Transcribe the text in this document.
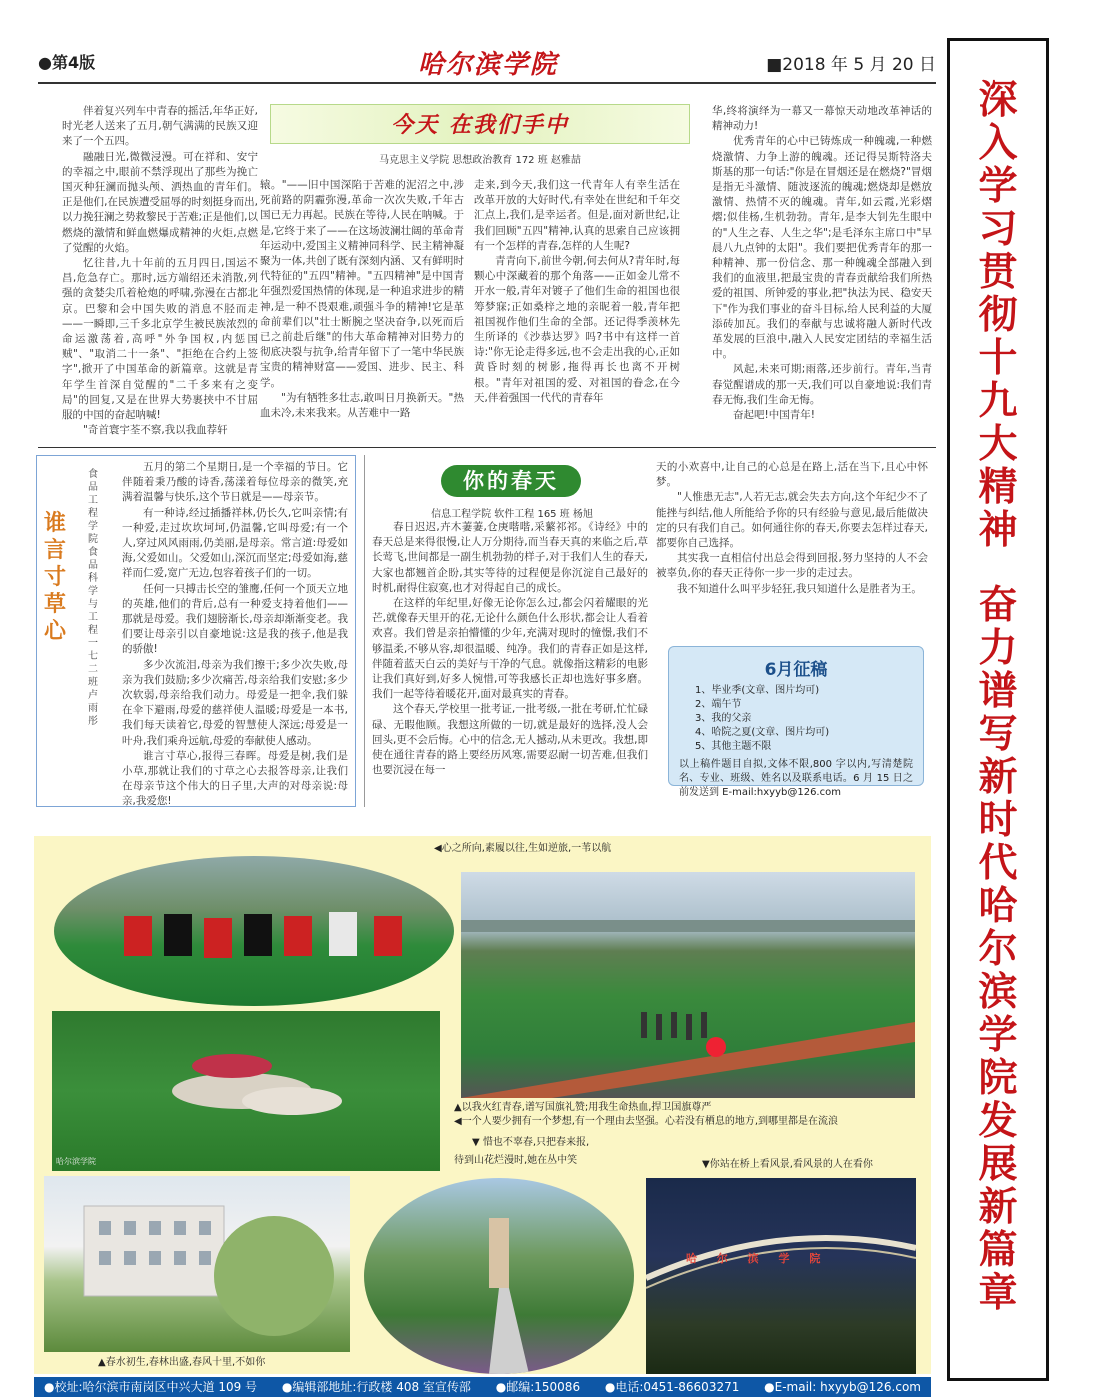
●第4版	哈尔滨学院	■2018 年 5 月 20 日
深
入
学
习
贯
彻
十
九
大
精
神
奋
力
谱
写
新
时
代
哈
尔
滨
学
院
发
展
新
篇
章
今天 在我们手中
马克思主义学院 思想政治教育 172 班 赵雅喆

伴着复兴列车中青春的摇活,年华正好,时光老人送来了五月,朝气满满的民族又迎来了一个五四。

融融日光,微微浸漫。可在祥和、安宁的幸福之中,眼前不禁浮现出了那些为挽亡国灭种狂澜而抛头颅、洒热血的青年们。正是他们,在民族遭受屈辱的时刻挺身而出,以力挽狂澜之势救黎民于苦难;正是他们,以燃烧的激情和鲜血燃爆成精神的火炬,点燃了觉醒的火焰。

忆往昔,九十年前的五月四日,国运不昌,危急存亡。那时,远方端绍还未消散,列强的贪婪尖爪着枪炮的呼啸,弥漫在古都北京。巴黎和会中国失败的消息不胫而走——一瞬即,三千多北京学生被民族浓烈的命运激荡着,高呼"外争国权,内惩国贼"、"取消二十一条"、"拒绝在合约上签字",掀开了中国革命的新篇章。这就是青年学生首深自觉醒的"二千多来有之变局"的回复,又是在世界大势裹挟中不甘屈服的中国的奋起呐喊!

"奇首寰宇荃不察,我以我血荐轩

辕。"——旧中国深陷于苦难的泥沼之中,涉死前路的阴霾弥漫,革命一次次失败,千年古国已无力再起。民族在等待,人民在呐喊。于是,它终于来了——在这场波澜壮阔的革命青年运动中,爱国主义精神同科学、民主精神凝聚为一体,共创了既有深刻内涵、又有鲜明时代特征的"五四"精神。"五四精神"是中国青年强烈爱国热情的体现,是一种追求进步的精神,是一种不畏艰难,顽强斗争的精神!它是革命前辈们以"壮士断腕之坚决奋争,以死而后已之前赴后继"的伟大革命精神对旧势力的彻底决裂与抗争,给青年留下了一笔中华民族宝贵的精神财富——爱国、进步、民主、科学。

"为有牺牲多壮志,敢叫日月换新天。"热血未冷,未来我来。从苦难中一路

走来,到今天,我们这一代青年人有幸生活在改革开放的大好时代,有幸处在世纪和千年交汇点上,我们,是幸运者。但是,面对新世纪,让我们回顾"五四"精神,认真的思索自己应该拥有一个怎样的青春,怎样的人生呢?

青青向下,前世今朝,何去何从?青年时,每颗心中深藏着的那个角落——正如金儿常不开水一般,青年对镀子了他们生命的祖国也很筹梦寐;正如桑梓之地的亲昵着一般,青年把祖国视作他们生命的全部。还记得季羡林先生所译的《沙恭达罗》吗?书中有这样一首诗:"你无论走得多远,也不会走出我的心,正如黄昏时刻的树影,拖得再长也离不开树根。"青年对祖国的爱、对祖国的眷念,在今天,伴着强国一代代的青春年

华,终将演绎为一幕又一幕惊天动地改革神话的精神动力!

优秀青年的心中已铸炼成一种魄魂,一种燃烧激情、力争上游的魄魂。还记得吴斯特洛夫斯基的那一句话:"你是在冒烟还是在燃烧?"冒烟是指无斗激情、随波逐流的魄魂;燃烧却是燃放激情、热情不灭的魄魂。青年,如云霞,光彩熠熠;似佳杨,生机勃勃。青年,是李大钊先生眼中的"人生之春、人生之华";是毛泽东主席口中"早晨八九点钟的太阳"。我们要把优秀青年的那一种精神、那一份信念、那一种魄魂全部融入到我们的血液里,把最宝贵的青春贡献给我们所热爱的祖国、所钟爱的事业,把"执法为民、稳安天下"作为我们事业的奋斗目标,给人民利益的大厦添砖加瓦。我们的奉献与忠诚将融人新时代改革发展的巨浪中,融入人民安定团结的幸福生活中。

风起,未来可期;雨落,还步前行。青年,当青春觉醒谱成的那一天,我们可以自豪地说:我们青春无悔,我们生命无悔。

奋起吧!中国青年!

谁言寸草心
食品工程学院 食品科学与工程一七二班 卢雨彤

五月的第二个星期日,是一个幸福的节日。它伴随着秉乃酸的诗香,荡漾着每位母亲的微笑,充满着温馨与快乐,这个节日就是——母亲节。

有一种诗,经过插播祥林,仍长久,它叫亲情;有一种爱,走过坎坎坷坷,仍温馨,它叫母爱;有一个人,穿过风风雨雨,仍美丽,是母亲。常言道:母爱如海,父爱如山。父爱如山,深沉而坚定;母爱如海,慈祥而仁爱,宽广无边,包容着孩子们的一切。

任何一只搏击长空的雏鹰,任何一个顶天立地的英雄,他们的背后,总有一种爱支持着他们——那就是母爱。我们翅膀渐长,母亲却渐渐变老。我们要让母亲引以自豪地说:这是我的孩子,他是我的骄傲!

多少次流泪,母亲为我们擦干;多少次失败,母亲为我们鼓励;多少次痛苦,母亲给我们安慰;多少次软弱,母亲给我们动力。母爱是一把伞,我们躲在伞下避雨,母爱的慈祥使人温暖;母爱是一本书,我们每天读着它,母爱的智慧使人深远;母爱是一叶舟,我们乘舟远航,母爱的奉献使人感动。

谁言寸草心,报得三春晖。母爱是树,我们是小草,那就让我们的寸草之心去报答母亲,让我们在母亲节这个伟大的日子里,大声的对母亲说:母亲,我爱您!

你的春天
信息工程学院 软件工程 165 班 杨旭

春日迟迟,卉木萋萋,仓庚喈喈,采蘩祁祁。《诗经》中的春天总是来得很慢,让人万分期待,而当春天真的来临之后,草长莺飞,世间都是一副生机勃勃的样子,对于我们人生的春天,大家也都翘首企盼,其实等待的过程便是你沉淀自己最好的时机,耐得住寂寞,也才对得起自己的成长。

在这样的年纪里,好像无论你怎么过,都会闪着耀眼的光芒,就像春天里开的花,无论什么颜色什么形状,都会让人看着欢喜。我们曾是亲拍懵懂的少年,充满对现时的憧憬,我们不够温柔,不够从容,却很温暖、纯净。我们的青春正如是这样,伴随着蓝天白云的美好与干净的气息。就像指这精彩的电影让我们真好到,好多人惋惜,可等我感长正却也选好事多磨。我们一起等待着暖花开,面对最真实的青春。

这个春天,学校里一批考证,一批考级,一批在考研,忙忙碌碌、无暇他顾。我想这所做的一切,就是最好的选择,没人会回头,更不会后悔。心中的信念,无人撼动,从未更改。我想,即使在通往青春的路上要经历风寒,需要忍耐一切苦难,但我们也要沉浸在每一

天的小欢喜中,让自己的心总是在路上,活在当下,且心中怀梦。

"人惟患无志",人若无志,就会失去方向,这个年纪少不了能挫与纠结,他人所能给予你的只有经验与意见,最后能做决定的只有我们自己。如何通往你的春天,你要去怎样过春天,都要你自己选择。

其实我一直相信付出总会得到回报,努力坚持的人不会被辜负,你的春天正待你一步一步的走过去。

我不知道什么叫平步轻狂,我只知道什么是胜者为王。

6月征稿
1、毕业季(文章、图片均可)
2、端午节
3、我的父亲
4、哈院之夏(文章、图片均可)
5、其他主题不限
以上稿件题目自拟,文体不限,800 字以内,写清楚院名、专业、班级、姓名以及联系电话。6 月 15 日之前发送到 E-mail:hxyyb@126.com
◀心之所向,素履以往,生如逆旅,一苇以航
哈尔滨学院
▲以我火红青春,谱写国旗礼赞;用我生命热血,捍卫国旗尊严
◀一个人要少拥有一个梦想,有一个理由去坚强。心若没有栖息的地方,到哪里都是在流浪
▼ 惜也不辜春,只把春来报,
待到山花烂漫时,她在丛中笑	▼你站在桥上看风景,看风景的人在看你
▲春水初生,春林出盛,春风十里,不如你
哈 尔 滨 学 院
●校址:哈尔滨市南岗区中兴大道 109 号 ●编辑部地址:行政楼 408 室宣传部 ●邮编:150086 ●电话:0451-86603271 ●E-mail: hxyyb@126.com
